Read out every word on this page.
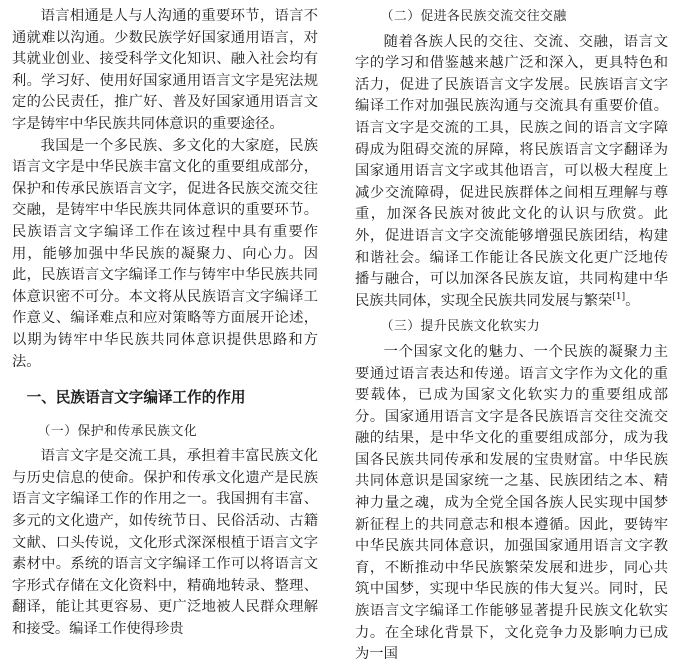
语言相通是人与人沟通的重要环节，语言不通就难以沟通。少数民族学好国家通用语言，对其就业创业、接受科学文化知识、融入社会均有利。学习好、使用好国家通用语言文字是宪法规定的公民责任，推广好、普及好国家通用语言文字是铸牢中华民族共同体意识的重要途径。

我国是一个多民族、多文化的大家庭，民族语言文字是中华民族丰富文化的重要组成部分，保护和传承民族语言文字，促进各民族交流交往交融，是铸牢中华民族共同体意识的重要环节。民族语言文字编译工作在该过程中具有重要作用，能够加强中华民族的凝聚力、向心力。因此，民族语言文字编译工作与铸牢中华民族共同体意识密不可分。本文将从民族语言文字编译工作意义、编译难点和应对策略等方面展开论述，以期为铸牢中华民族共同体意识提供思路和方法。

一、民族语言文字编译工作的作用
（一）保护和传承民族文化

语言文字是交流工具，承担着丰富民族文化与历史信息的使命。保护和传承文化遗产是民族语言文字编译工作的作用之一。我国拥有丰富、多元的文化遗产，如传统节日、民俗活动、古籍文献、口头传说，文化形式深深根植于语言文字素材中。系统的语言文字编译工作可以将语言文字形式存储在文化资料中，精确地转录、整理、翻译，能让其更容易、更广泛地被人民群众理解和接受。编译工作使得珍贵

（二）促进各民族交流交往交融

随着各族人民的交往、交流、交融，语言文字的学习和借鉴越来越广泛和深入，更具特色和活力，促进了民族语言文字发展。民族语言文字编译工作对加强民族沟通与交流具有重要价值。语言文字是交流的工具，民族之间的语言文字障碍成为阻碍交流的屏障，将民族语言文字翻译为国家通用语言文字或其他语言，可以极大程度上减少交流障碍，促进民族群体之间相互理解与尊重，加深各民族对彼此文化的认识与欣赏。此外，促进语言文字交流能够增强民族团结，构建和谐社会。编译工作能让各民族文化更广泛地传播与融合，可以加深各民族友谊，共同构建中华民族共同体，实现全民族共同发展与繁荣[1]。

（三）提升民族文化软实力

一个国家文化的魅力、一个民族的凝聚力主要通过语言表达和传递。语言文字作为文化的重要载体，已成为国家文化软实力的重要组成部分。国家通用语言文字是各民族语言交往交流交融的结果，是中华文化的重要组成部分，成为我国各民族共同传承和发展的宝贵财富。中华民族共同体意识是国家统一之基、民族团结之本、精神力量之魂，成为全党全国各族人民实现中国梦新征程上的共同意志和根本遵循。因此，要铸牢中华民族共同体意识，加强国家通用语言文字教育，不断推动中华民族繁荣发展和进步，同心共筑中国梦，实现中华民族的伟大复兴。同时，民族语言文字编译工作能够显著提升民族文化软实力。在全球化背景下，文化竞争力及影响力已成为一国
